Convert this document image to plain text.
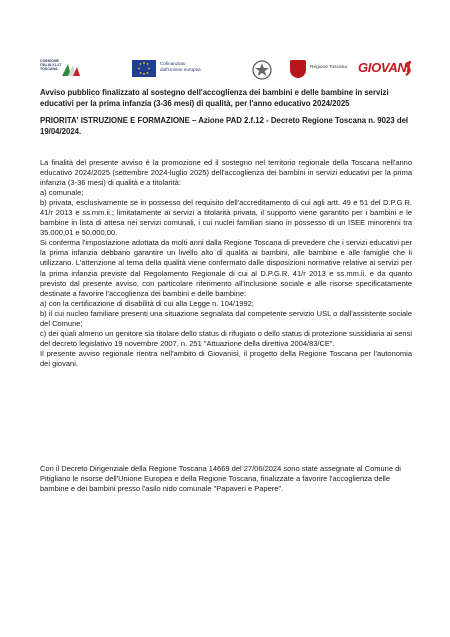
COESIONE
ITALIA 21-27
TOSCANA
Cofinanziato
dall'Unione europea	Regione Toscana GIOVANI
Avviso pubblico finalizzato al sostegno dell'accoglienza dei bambini e delle bambine in servizi educativi per la prima infanzia (3-36 mesi) di qualità, per l'anno educativo 2024/2025
PRIORITA' ISTRUZIONE E FORMAZIONE – Azione PAD 2.f.12 - Decreto Regione Toscana n. 9023 del 19/04/2024.

La finalità del presente avviso è la promozione ed il sostegno nel territorio regionale della Toscana nell'anno educativo 2024/2025 (settembre 2024-luglio 2025) dell'accoglienza dei bambini in servizi educativi per la prima infanzia (3-36 mesi) di qualità e a titolarità:

a) comunale;

b) privata, esclusivamente se in possesso del requisito dell'accreditamento di cui agli artt. 49 e 51 del D.P.G.R. 41/r 2013 e ss.mm.ii.; limitatamente ai servizi a titolarità privata, il supporto viene garantito per i bambini e le bambine in lista di attesa nei servizi comunali, i cui nuclei familiari siano in possesso di un ISEE minorenni tra 35.000,01 e 50.000,00.

Si conferma l'impostazione adottata da molti anni dalla Regione Toscana di prevedere che i servizi educativi per la prima infanzia debbano garantire un livello alto di qualità ai bambini, alle bambine e alle famiglie che li utilizzano. L'attenzione al tema della qualità viene confermato dalle disposizioni normative relative ai servizi per la prima infanzia previste dal Regolamento Regionale di cui al D.P.G.R. 41/r 2013 e ss.mm.ii. e da quanto previsto dal presente avviso, con particolare riferimento all'inclusione sociale e alle risorse specificatamente destinate a favorire l'accoglienza dei bambini e delle bambine:

a) con la certificazione di disabilità di cui alla Legge n. 104/1992;

b) il cui nucleo familiare presenti una situazione segnalata dal competente servizio USL o dall'assistente sociale del Comune;

c) dei quali almeno un genitore sia titolare dello status di rifugiato o dello status di protezione sussidiaria ai sensi del decreto legislativo 19 novembre 2007, n. 251 "Attuazione della direttiva 2004/83/CE".

Il presente avviso regionale rientra nell'ambito di Giovanisì, il progetto della Regione Toscana per l'autonomia dei giovani.

Con il Decreto Dirigenziale della Regione Toscana 14669 del 27/06/2024 sono state assegnate al Comune di Pitigliano le risorse dell'Unione Europea e della Regione Toscana, finalizzate a favorire l'accoglienza delle bambine e dei bambini presso l'asilo nido comunale "Papaveri e Papere".
